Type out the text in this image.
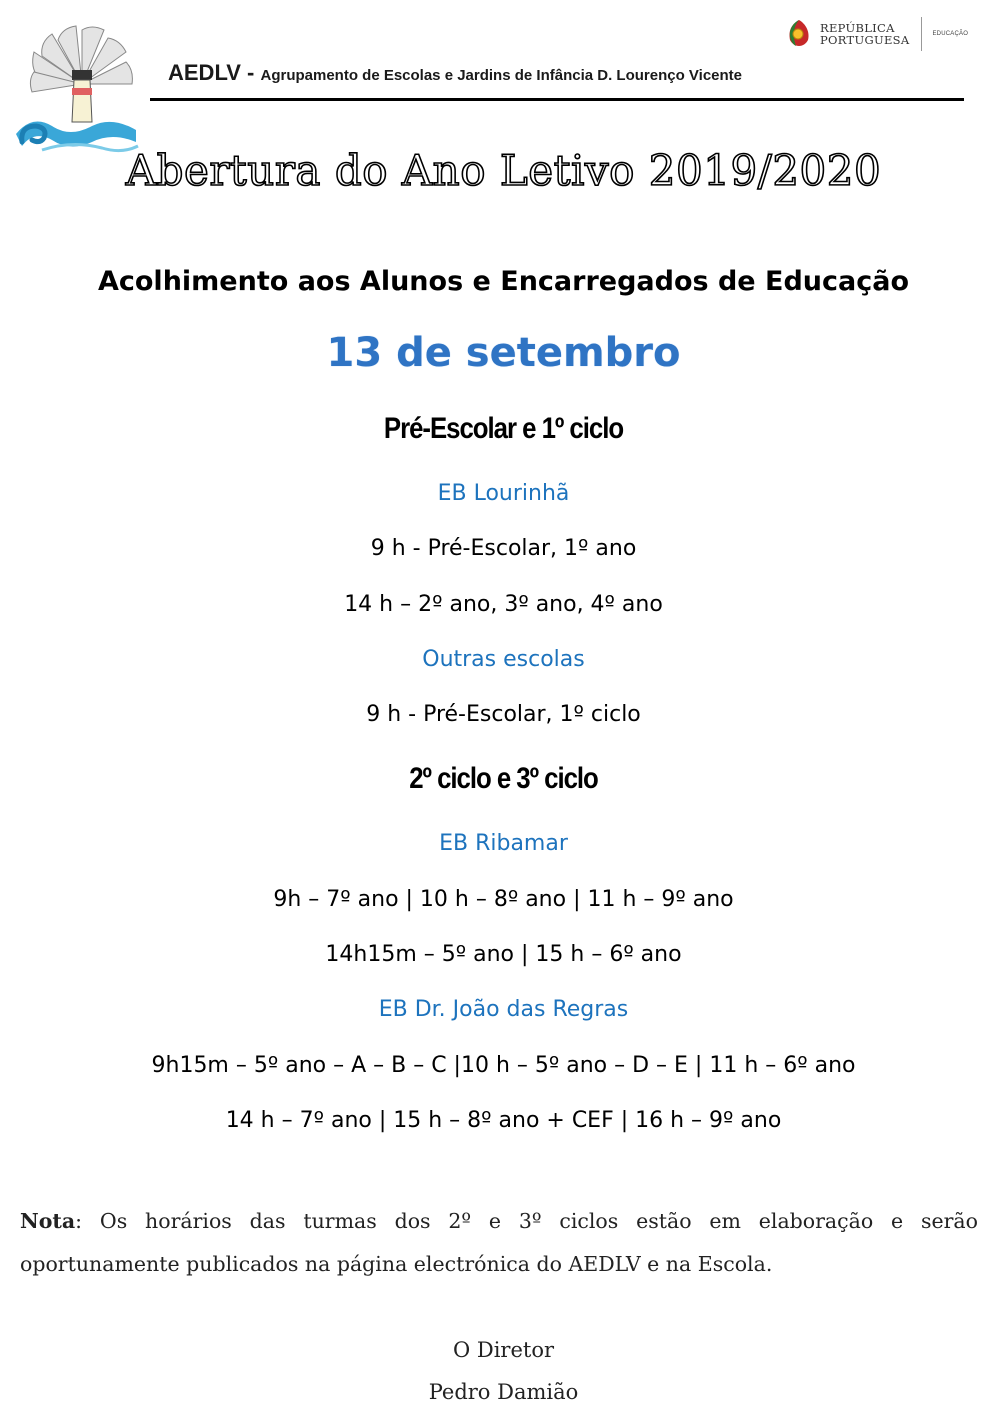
REPÚBLICA
PORTUGUESA	EDUCAÇÃO
AEDLV - Agrupamento de Escolas e Jardins de Infância D. Lourenço Vicente
Abertura do Ano Letivo 2019/2020
Acolhimento aos Alunos e Encarregados de Educação
13 de setembro
Pré-Escolar e 1º ciclo
EB Lourinhã
9 h - Pré-Escolar, 1º ano
14 h – 2º ano, 3º ano, 4º ano
Outras escolas
9 h - Pré-Escolar, 1º ciclo
2º ciclo e 3º ciclo
EB Ribamar
9h – 7º ano | 10 h – 8º ano | 11 h – 9º ano
14h15m – 5º ano | 15 h – 6º ano
EB Dr. João das Regras
9h15m – 5º ano – A – B – C |10 h – 5º ano – D – E | 11 h – 6º ano
14 h – 7º ano | 15 h – 8º ano + CEF | 16 h – 9º ano
Nota: Os horários das turmas dos 2º e 3º ciclos estão em elaboração e serão oportunamente publicados na página electrónica do AEDLV e na Escola.
O Diretor
Pedro Damião
